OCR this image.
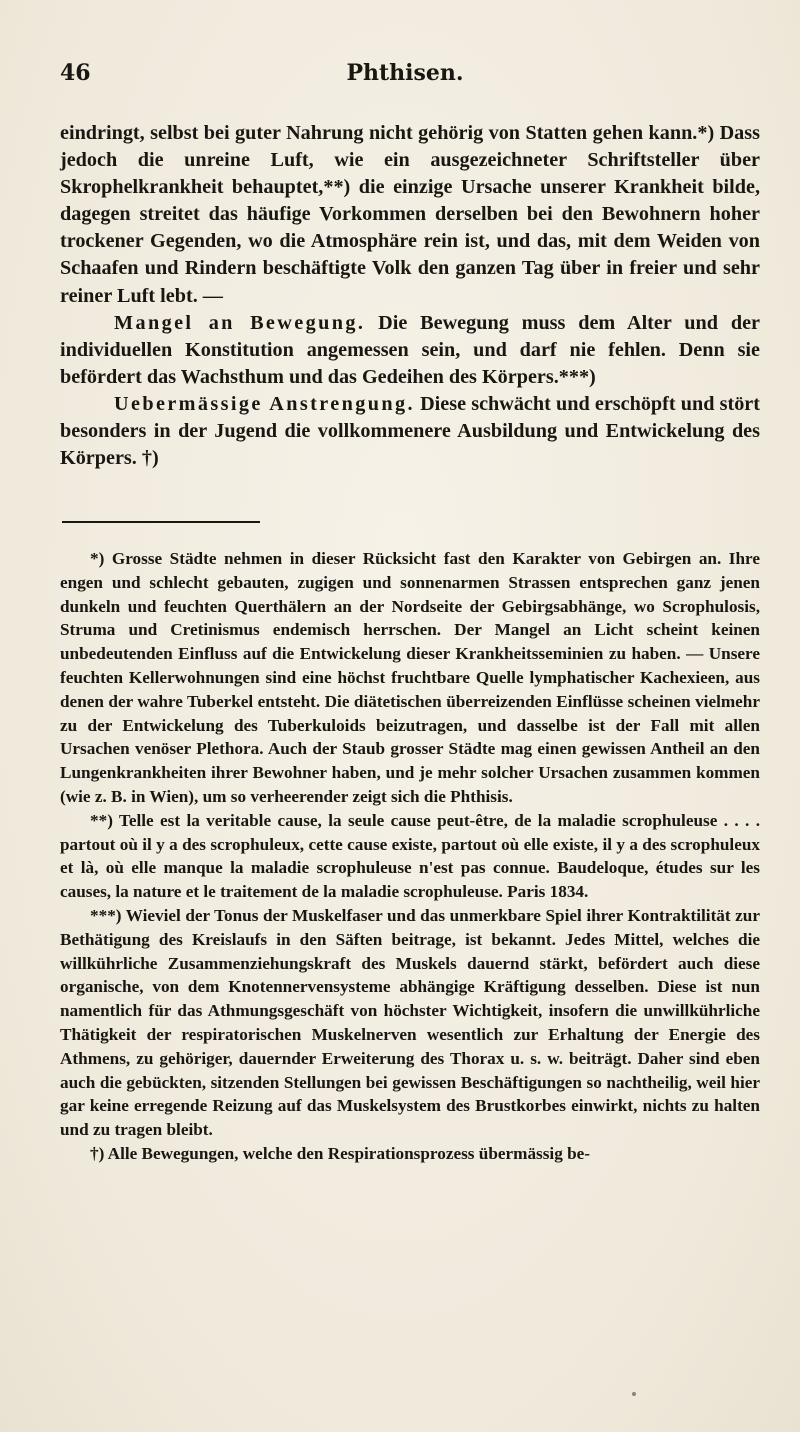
46	Phthisen.

eindringt, selbst bei guter Nahrung nicht gehörig von Statten gehen kann.*) Dass jedoch die unreine Luft, wie ein ausgezeichneter Schriftsteller über Skrophelkrankheit behauptet,**) die einzige Ursache unserer Krankheit bilde, dagegen streitet das häufige Vorkommen derselben bei den Bewohnern hoher trockener Gegenden, wo die Atmosphäre rein ist, und das, mit dem Weiden von Schaafen und Rindern beschäftigte Volk den ganzen Tag über in freier und sehr reiner Luft lebt. —

Mangel an Bewegung. Die Bewegung muss dem Alter und der individuellen Konstitution angemessen sein, und darf nie fehlen. Denn sie befördert das Wachsthum und das Gedeihen des Körpers.***)

Uebermässige Anstrengung. Diese schwächt und erschöpft und stört besonders in der Jugend die vollkommenere Ausbildung und Entwickelung des Körpers. †)

*) Grosse Städte nehmen in dieser Rücksicht fast den Karakter von Gebirgen an. Ihre engen und schlecht gebauten, zugigen und sonnenarmen Strassen entsprechen ganz jenen dunkeln und feuchten Querthälern an der Nordseite der Gebirgsabhänge, wo Scrophulosis, Struma und Cretinismus endemisch herrschen. Der Mangel an Licht scheint keinen unbedeutenden Einfluss auf die Entwickelung dieser Krankheitsseminien zu haben. — Unsere feuchten Kellerwohnungen sind eine höchst fruchtbare Quelle lymphatischer Kachexieen, aus denen der wahre Tuberkel entsteht. Die diätetischen überreizenden Einflüsse scheinen vielmehr zu der Entwickelung des Tuberkuloids beizutragen, und dasselbe ist der Fall mit allen Ursachen venöser Plethora. Auch der Staub grosser Städte mag einen gewissen Antheil an den Lungenkrankheiten ihrer Bewohner haben, und je mehr solcher Ursachen zusammen kommen (wie z. B. in Wien), um so verheerender zeigt sich die Phthisis.

**) Telle est la veritable cause, la seule cause peut-être, de la maladie scrophuleuse . . . . partout où il y a des scrophuleux, cette cause existe, partout où elle existe, il y a des scrophuleux et là, où elle manque la maladie scrophuleuse n'est pas connue. Baudeloque, études sur les causes, la nature et le traitement de la maladie scrophuleuse. Paris 1834.

***) Wieviel der Tonus der Muskelfaser und das unmerkbare Spiel ihrer Kontraktilität zur Bethätigung des Kreislaufs in den Säften beitrage, ist bekannt. Jedes Mittel, welches die willkührliche Zusammenziehungskraft des Muskels dauernd stärkt, befördert auch diese organische, von dem Knotennervensysteme abhängige Kräftigung desselben. Diese ist nun namentlich für das Athmungsgeschäft von höchster Wichtigkeit, insofern die unwillkührliche Thätigkeit der respiratorischen Muskelnerven wesentlich zur Erhaltung der Energie des Athmens, zu gehöriger, dauernder Erweiterung des Thorax u. s. w. beiträgt. Daher sind eben auch die gebückten, sitzenden Stellungen bei gewissen Beschäftigungen so nachtheilig, weil hier gar keine erregende Reizung auf das Muskelsystem des Brustkorbes einwirkt, nichts zu halten und zu tragen bleibt.

†) Alle Bewegungen, welche den Respirationsprozess übermässig be-
